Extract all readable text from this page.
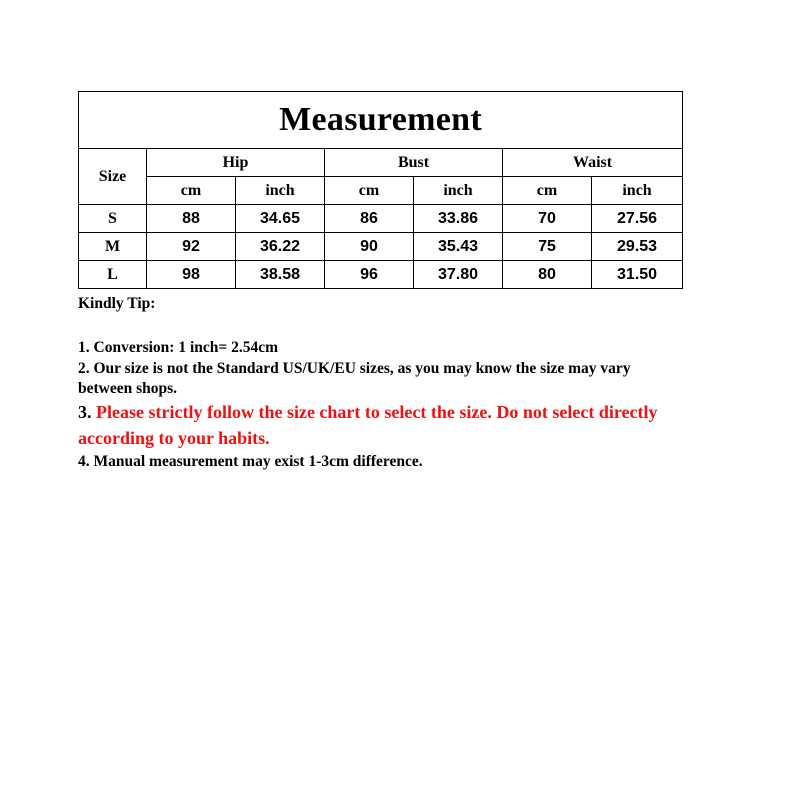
Measurement						
Size	Hip		Bust		Waist	
	cm	inch	cm	inch	cm	inch
S	88	34.65	86	33.86	70	27.56
M	92	36.22	90	35.43	75	29.53
L	98	38.58	96	37.80	80	31.50
Kindly Tip:
1. Conversion: 1 inch= 2.54cm
2. Our size is not the Standard US/UK/EU sizes, as you may know the size may vary between shops.
3. Please strictly follow the size chart to select the size. Do not select directly according to your habits.
4. Manual measurement may exist 1-3cm difference.
